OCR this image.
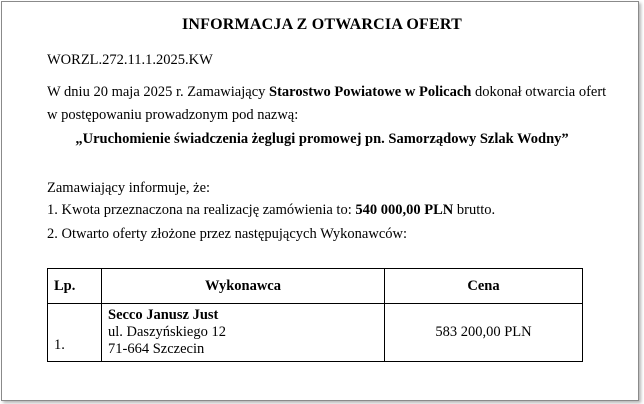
INFORMACJA Z OTWARCIA OFERT
WORZL.272.11.1.2025.KW
W dniu 20 maja 2025 r. Zamawiający Starostwo Powiatowe w Policach dokonał otwarcia ofert
w postępowaniu prowadzonym pod nazwą:
„Uruchomienie świadczenia żeglugi promowej pn. Samorządowy Szlak Wodny”
Zamawiający informuje, że:
1. Kwota przeznaczona na realizację zamówienia to: 540 000,00 PLN brutto.
2. Otwarto oferty złożone przez następujących Wykonawców:
Lp.	Wykonawca	Cena
1.	Secco Janusz Just
ul. Daszyńskiego 12
71-664 Szczecin	583 200,00 PLN
